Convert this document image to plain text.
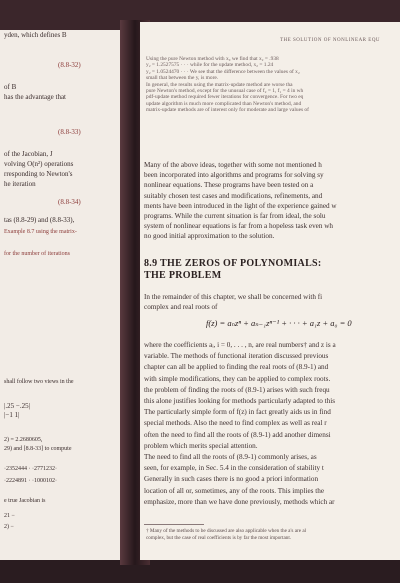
yden, which defines B
(8.8-32)
of B
has the advantage that
(8.8-33)
of the Jacobian, J
volving O(n²) operations
rresponding to Newton's
he iteration
(8.8-34)
tas (8.8-29) and (8.8-33),
Example 8.7 using the matrix-
for the number of iterations
shall follow two views in the
|.25 −.25|
|−1 1|
2) = 2.2680605,
29) and [8.8-33] to compute
·2352444 · ·2771232·
·2224891 · ·1000102·
e true Jacobian is
21 −
2) −
THE SOLUTION OF NONLINEAR EQU
Using the pure Newton method with x₀ we find that x₂ = .938
y₂ = 1.2527575 · · · while for the update method, x₂ = 1.24
y₂ = 1.0524470 · · · We see that the difference between the values of x₂
small that between the y, is more.
In general, the results using the matrix-update method are worse tha
pure Newton's method, except for the unusual case of f₂ = 1, f₁ = 4 in wh
pdf-update method required fewer iterations for convergence. For two eq
update algorithm is much more complicated than Newton's method, and
matrix-update methods are of interest only for moderate and large values of
Many of the above ideas, together with some not mentioned h
been incorporated into algorithms and programs for solving sy
nonlinear equations. These programs have been tested on a
suitably chosen test cases and modifications, refinements, and
ments have been introduced in the light of the experience gained w
programs. While the current situation is far from ideal, the solu
system of nonlinear equations is far from a hopeless task even wh
no good initial approximation to the solution.
8.9 THE ZEROS OF POLYNOMIALS:
THE PROBLEM
In the remainder of this chapter, we shall be concerned with fi
complex and real roots of
f(z) = aₙzⁿ + aₙ₋₁zⁿ⁻¹ + · · · + a₁z + a₀ = 0
where the coefficients aᵢ, i = 0, . . . , n, are real numbers† and z is a
variable. The methods of functional iteration discussed previous
chapter can all be applied to finding the real roots of (8.9-1) and
with simple modifications, they can be applied to complex roots.
the problem of finding the roots of (8.9-1) arises with such frequ
this alone justifies looking for methods particularly adapted to this
The particularly simple form of f(z) in fact greatly aids us in find
special methods. Also the need to find complex as well as real r
often the need to find all the roots of (8.9-1) add another dimensi
problem which merits special attention.
The need to find all the roots of (8.9-1) commonly arises, as
seen, for example, in Sec. 5.4 in the consideration of stability t
Generally in such cases there is no good a priori information
location of all or, sometimes, any of the roots. This implies the
emphasize, more than we have done previously, methods which ar
† Many of the methods to be discussed are also applicable when the a's are al
complex, but the case of real coefficients is by far the most important.
